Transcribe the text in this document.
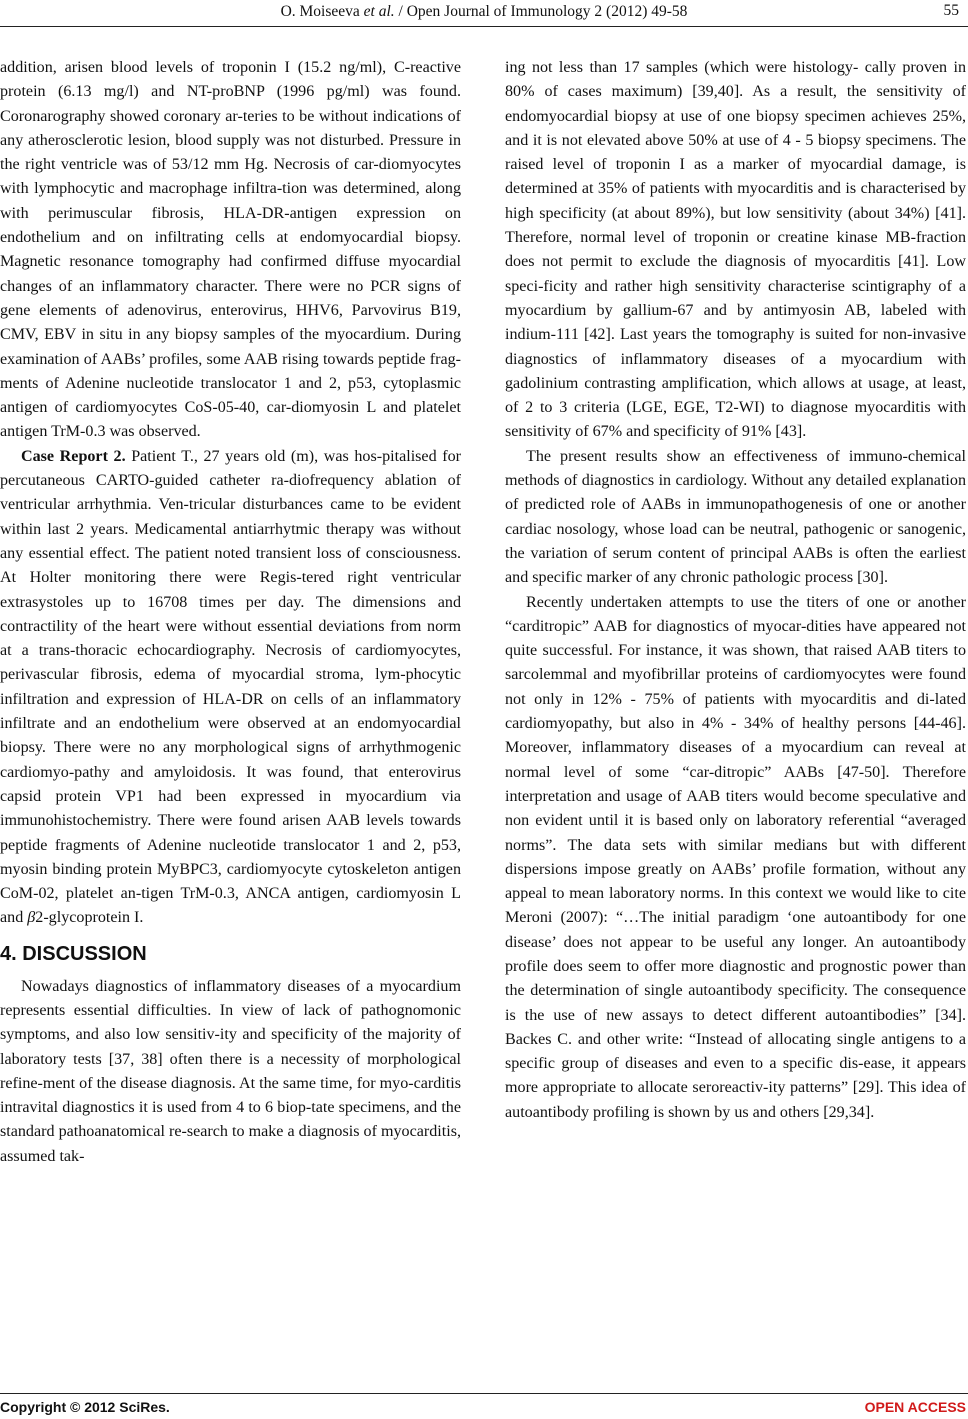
O. Moiseeva et al. / Open Journal of Immunology 2 (2012) 49-58	55

addition, arisen blood levels of troponin I (15.2 ng/ml), C-reactive protein (6.13 mg/l) and NT-proBNP (1996 pg/ml) was found. Coronarography showed coronary ar-teries to be without indications of any atherosclerotic lesion, blood supply was not disturbed. Pressure in the right ventricle was of 53/12 mm Hg. Necrosis of car-diomyocytes with lymphocytic and macrophage infiltra-tion was determined, along with perimuscular fibrosis, HLA-DR-antigen expression on endothelium and on infiltrating cells at endomyocardial biopsy. Magnetic resonance tomography had confirmed diffuse myocardial changes of an inflammatory character. There were no PCR signs of gene elements of adenovirus, enterovirus, HHV6, Parvovirus B19, CMV, EBV in situ in any biopsy samples of the myocardium. During examination of AABs’ profiles, some AAB rising towards peptide frag-ments of Adenine nucleotide translocator 1 and 2, p53, cytoplasmic antigen of cardiomyocytes CoS-05-40, car-diomyosin L and platelet antigen TrM-0.3 was observed.

Case Report 2. Patient T., 27 years old (m), was hos-pitalised for percutaneous CARTO-guided catheter ra-diofrequency ablation of ventricular arrhythmia. Ven-tricular disturbances came to be evident within last 2 years. Medicamental antiarrhytmic therapy was without any essential effect. The patient noted transient loss of consciousness. At Holter monitoring there were Regis-tered right ventricular extrasystoles up to 16708 times per day. The dimensions and contractility of the heart were without essential deviations from norm at a trans-thoracic echocardiography. Necrosis of cardiomyocytes, perivascular fibrosis, edema of myocardial stroma, lym-phocytic infiltration and expression of HLA-DR on cells of an inflammatory infiltrate and an endothelium were observed at an endomyocardial biopsy. There were no any morphological signs of arrhythmogenic cardiomyo-pathy and amyloidosis. It was found, that enterovirus capsid protein VP1 had been expressed in myocardium via immunohistochemistry. There were found arisen AAB levels towards peptide fragments of Adenine nucleotide translocator 1 and 2, p53, myosin binding protein MyBPC3, cardiomyocyte cytoskeleton antigen CoM-02, platelet an-tigen TrM-0.3, ANCA antigen, cardiomyosin L and β2-glycoprotein I.

4. DISCUSSION

Nowadays diagnostics of inflammatory diseases of a myocardium represents essential difficulties. In view of lack of pathognomonic symptoms, and also low sensitiv-ity and specificity of the majority of laboratory tests [37, 38] often there is a necessity of morphological refine-ment of the disease diagnosis. At the same time, for myo-carditis intravital diagnostics it is used from 4 to 6 biop-tate specimens, and the standard pathoanatomical re-search to make a diagnosis of myocarditis, assumed tak-

ing not less than 17 samples (which were histology- cally proven in 80% of cases maximum) [39,40]. As a result, the sensitivity of endomyocardial biopsy at use of one biopsy specimen achieves 25%, and it is not elevated above 50% at use of 4 - 5 biopsy specimens. The raised level of troponin I as a marker of myocardial damage, is determined at 35% of patients with myocarditis and is characterised by high specificity (at about 89%), but low sensitivity (about 34%) [41]. Therefore, normal level of troponin or creatine kinase MB-fraction does not permit to exclude the diagnosis of myocarditis [41]. Low speci-ficity and rather high sensitivity characterise scintigraphy of a myocardium by gallium-67 and by antimyosin AB, labeled with indium-111 [42]. Last years the tomography is suited for non-invasive diagnostics of inflammatory diseases of a myocardium with gadolinium contrasting amplification, which allows at usage, at least, of 2 to 3 criteria (LGE, EGE, T2-WI) to diagnose myocarditis with sensitivity of 67% and specificity of 91% [43].

The present results show an effectiveness of immuno-chemical methods of diagnostics in cardiology. Without any detailed explanation of predicted role of AABs in immunopathogenesis of one or another cardiac nosology, whose load can be neutral, pathogenic or sanogenic, the variation of serum content of principal AABs is often the earliest and specific marker of any chronic pathologic process [30].

Recently undertaken attempts to use the titers of one or another “carditropic” AAB for diagnostics of myocar-dities have appeared not quite successful. For instance, it was shown, that raised AAB titers to sarcolemmal and myofibrillar proteins of cardiomyocytes were found not only in 12% - 75% of patients with myocarditis and di-lated cardiomyopathy, but also in 4% - 34% of healthy persons [44-46]. Moreover, inflammatory diseases of a myocardium can reveal at normal level of some “car-ditropic” AABs [47-50]. Therefore interpretation and usage of AAB titers would become speculative and non evident until it is based only on laboratory referential “averaged norms”. The data sets with similar medians but with different dispersions impose greatly on AABs’ profile formation, without any appeal to mean laboratory norms. In this context we would like to cite Meroni (2007): “…The initial paradigm ‘one autoantibody for one disease’ does not appear to be useful any longer. An autoantibody profile does seem to offer more diagnostic and prognostic power than the determination of single autoantibody specificity. The consequence is the use of new assays to detect different autoantibodies” [34]. Backes C. and other write: “Instead of allocating single antigens to a specific group of diseases and even to a specific dis-ease, it appears more appropriate to allocate seroreactiv-ity patterns” [29]. This idea of autoantibody profiling is shown by us and others [29,34].

Copyright © 2012 SciRes.	OPEN ACCESS
